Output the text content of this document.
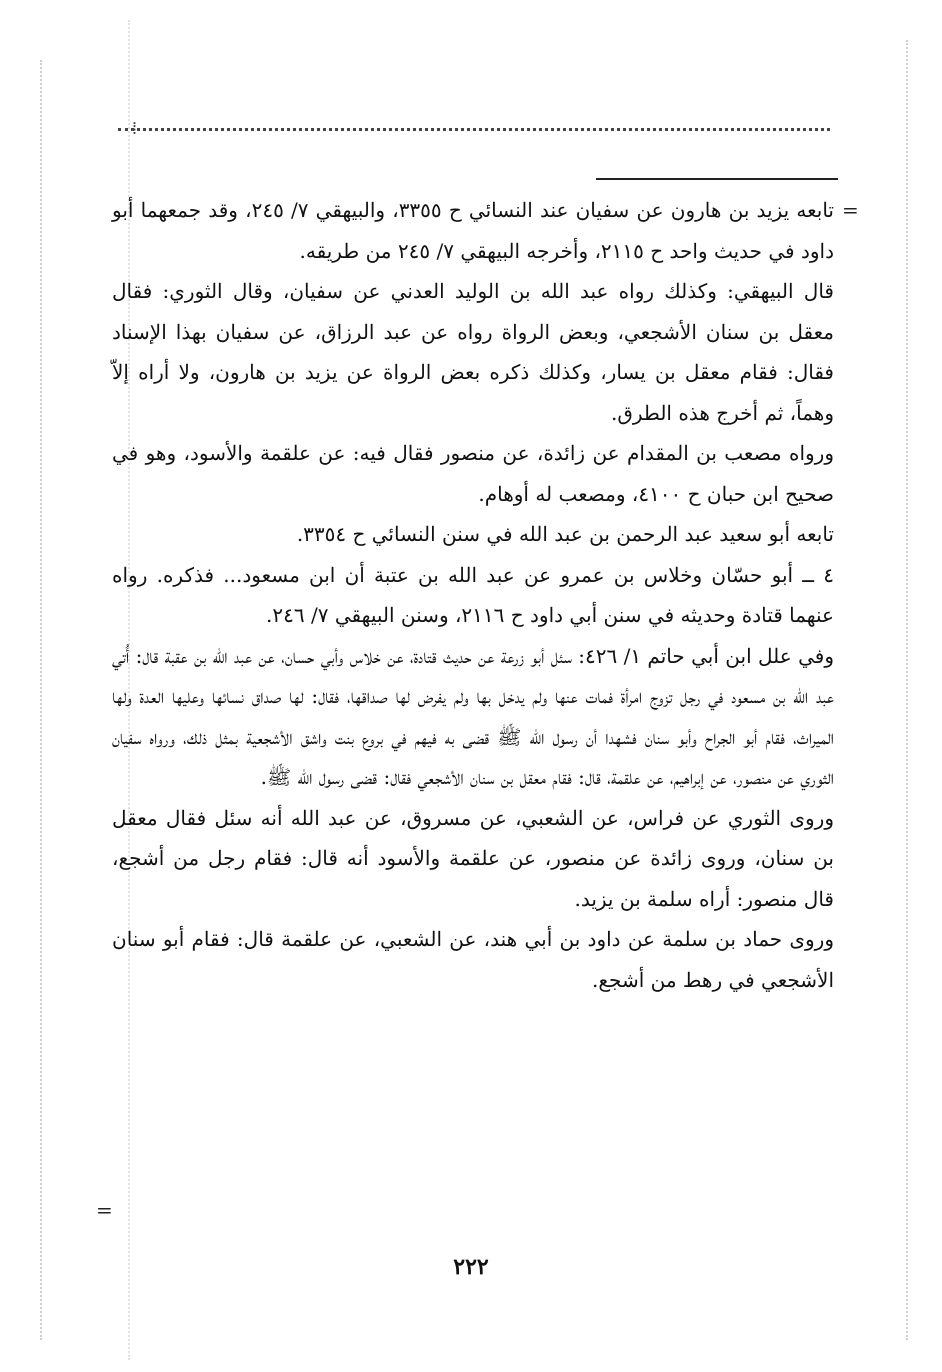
⁞
=

تابعه يزيد بن هارون عن سفيان عند النسائي ح ٣٣٥٥، والبيهقي ٧/ ٢٤٥، وقد جمعهما أبو داود في حديث واحد ح ٢١١٥، وأخرجه البيهقي ٧/ ٢٤٥ من طريقه.

قال البيهقي: وكذلك رواه عبد الله بن الوليد العدني عن سفيان، وقال الثوري: فقال معقل بن سنان الأشجعي، وبعض الرواة رواه عن عبد الرزاق، عن سفيان بهذا الإسناد فقال: فقام معقل بن يسار، وكذلك ذكره بعض الرواة عن يزيد بن هارون، ولا أراه إلاّ وهماً، ثم أخرج هذه الطرق.

ورواه مصعب بن المقدام عن زائدة، عن منصور فقال فيه: عن علقمة والأسود، وهو في صحيح ابن حبان ح ٤١٠٠، ومصعب له أوهام.

تابعه أبو سعيد عبد الرحمن بن عبد الله في سنن النسائي ح ٣٣٥٤.

٤ ــ أبو حسّان وخلاس بن عمرو عن عبد الله بن عتبة أن ابن مسعود... فذكره. رواه عنهما قتادة وحديثه في سنن أبي داود ح ٢١١٦، وسنن البيهقي ٧/ ٢٤٦.

وفي علل ابن أبي حاتم ١/ ٤٢٦: سئل أبو زرعة عن حديث قتادة، عن خلاس وأبي حسان، عن عبد الله بن عقبة قال: أُتي عبد الله بن مسعود في رجل تزوج امرأة فمات عنها ولم يدخل بها ولم يفرض لها صداقها، فقال: لها صداق نسائها وعليها العدة ولها الميراث، فقام أبو الجراح وأبو سنان فشهدا أن رسول الله ﷺ قضى به فيهم في بروع بنت واشق الأشجعية بمثل ذلك، ورواه سفيان الثوري عن منصور، عن إبراهيم، عن علقمة، قال: فقام معقل بن سنان الأشجعي فقال: قضى رسول الله ﷺ.

وروى الثوري عن فراس، عن الشعبي، عن مسروق، عن عبد الله أنه سئل فقال معقل بن سنان، وروى زائدة عن منصور، عن علقمة والأسود أنه قال: فقام رجل من أشجع، قال منصور: أراه سلمة بن يزيد.

وروى حماد بن سلمة عن داود بن أبي هند، عن الشعبي، عن علقمة قال: فقام أبو سنان الأشجعي في رهط من أشجع.

=
٢٢٢
